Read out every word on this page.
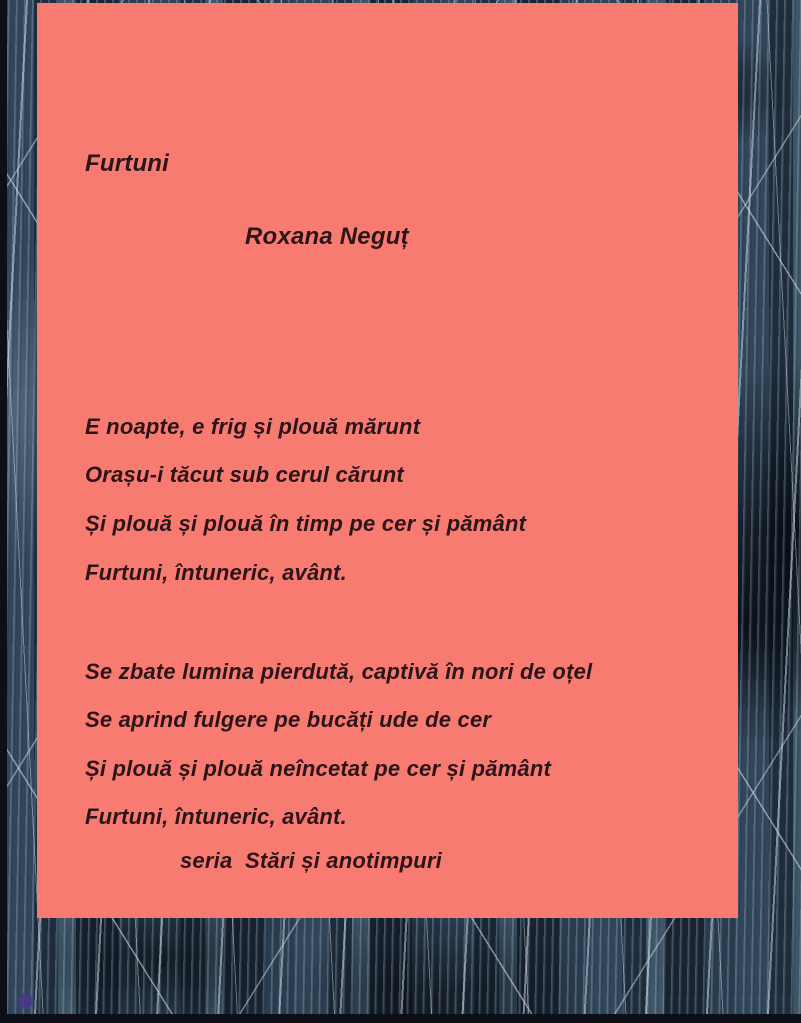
Furtuni
Roxana Neguț
E noapte, e frig și plouă mărunt
Orașu-i tăcut sub cerul cărunt
Și plouă și plouă în timp pe cer și pământ
Furtuni, întuneric, avânt.
Se zbate lumina pierdută, captivă în nori de oțel
Se aprind fulgere pe bucăți ude de cer
Și plouă și plouă neîncetat pe cer și pământ
Furtuni, întuneric, avânt.
seria  Stări și anotimpuri
